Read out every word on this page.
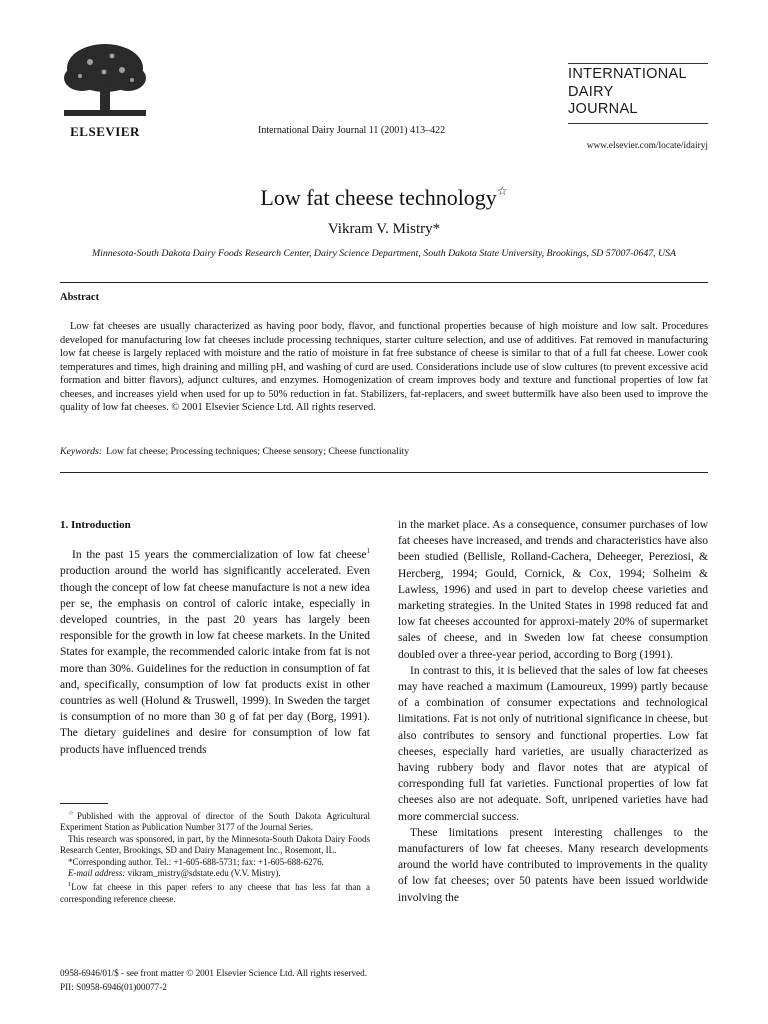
ELSEVIER	International Dairy Journal 11 (2001) 413–422
INTERNATIONAL
DAIRY
JOURNAL
www.elsevier.com/locate/idairyj
Low fat cheese technology☆
Vikram V. Mistry*
Minnesota-South Dakota Dairy Foods Research Center, Dairy Science Department, South Dakota State University, Brookings, SD 57007-0647, USA
Abstract
Low fat cheeses are usually characterized as having poor body, flavor, and functional properties because of high moisture and low salt. Procedures developed for manufacturing low fat cheeses include processing techniques, starter culture selection, and use of additives. Fat removed in manufacturing low fat cheese is largely replaced with moisture and the ratio of moisture in fat free substance of cheese is similar to that of a full fat cheese. Lower cook temperatures and times, high draining and milling pH, and washing of curd are used. Considerations include use of slow cultures (to prevent excessive acid formation and bitter flavors), adjunct cultures, and enzymes. Homogenization of cream improves body and texture and functional properties of low fat cheeses, and increases yield when used for up to 50% reduction in fat. Stabilizers, fat-replacers, and sweet buttermilk have also been used to improve the quality of low fat cheeses. © 2001 Elsevier Science Ltd. All rights reserved.
Keywords: Low fat cheese; Processing techniques; Cheese sensory; Cheese functionality
1. Introduction

In the past 15 years the commercialization of low fat cheese$^1$ production around the world has significantly accelerated. Even though the concept of low fat cheese manufacture is not a new idea per se, the emphasis on control of caloric intake, especially in developed countries, in the past 20 years has largely been responsible for the growth in low fat cheese markets. In the United States for example, the recommended caloric intake from fat is not more than 30%. Guidelines for the reduction in consumption of fat and, specifically, consumption of low fat products exist in other countries as well (Holund & Truswell, 1999). In Sweden the target is consumption of no more than 30 g of fat per day (Borg, 1991). The dietary guidelines and desire for consumption of low fat products have influenced trends

in the market place. As a consequence, consumer purchases of low fat cheeses have increased, and trends and characteristics have also been studied (Bellisle, Rolland-Cachera, Deheeger, Pereziosi, & Hercberg, 1994; Gould, Cornick, & Cox, 1994; Solheim & Lawless, 1996) and used in part to develop cheese varieties and marketing strategies. In the United States in 1998 reduced fat and low fat cheeses accounted for approxi-mately 20% of supermarket sales of cheese, and in Sweden low fat cheese consumption doubled over a three-year period, according to Borg (1991).

In contrast to this, it is believed that the sales of low fat cheeses may have reached a maximum (Lamoureux, 1999) partly because of a combination of consumer expectations and technological limitations. Fat is not only of nutritional significance in cheese, but also contributes to sensory and functional properties. Low fat cheeses, especially hard varieties, are usually characterized as having rubbery body and flavor notes that are atypical of corresponding full fat varieties. Functional properties of low fat cheeses also are not adequate. Soft, unripened varieties have had more commercial success.

These limitations present interesting challenges to the manufacturers of low fat cheeses. Many research developments around the world have contributed to improvements in the quality of low fat cheeses; over 50 patents have been issued worldwide involving the

☆Published with the approval of director of the South Dakota Agricultural Experiment Station as Publication Number 3177 of the Journal Series.

This research was sponsored, in part, by the Minnesota-South Dakota Dairy Foods Research Center, Brookings, SD and Dairy Management Inc., Rosemont, IL.

*Corresponding author. Tel.: +1-605-688-5731; fax: +1-605-688-6276.

E-mail address: vikram_mistry@sdstate.edu (V.V. Mistry).

$^1$Low fat cheese in this paper refers to any cheese that has less fat than a corresponding reference cheese.

0958-6946/01/$ - see front matter © 2001 Elsevier Science Ltd. All rights reserved.
PII: S0958-6946(01)00077-2
